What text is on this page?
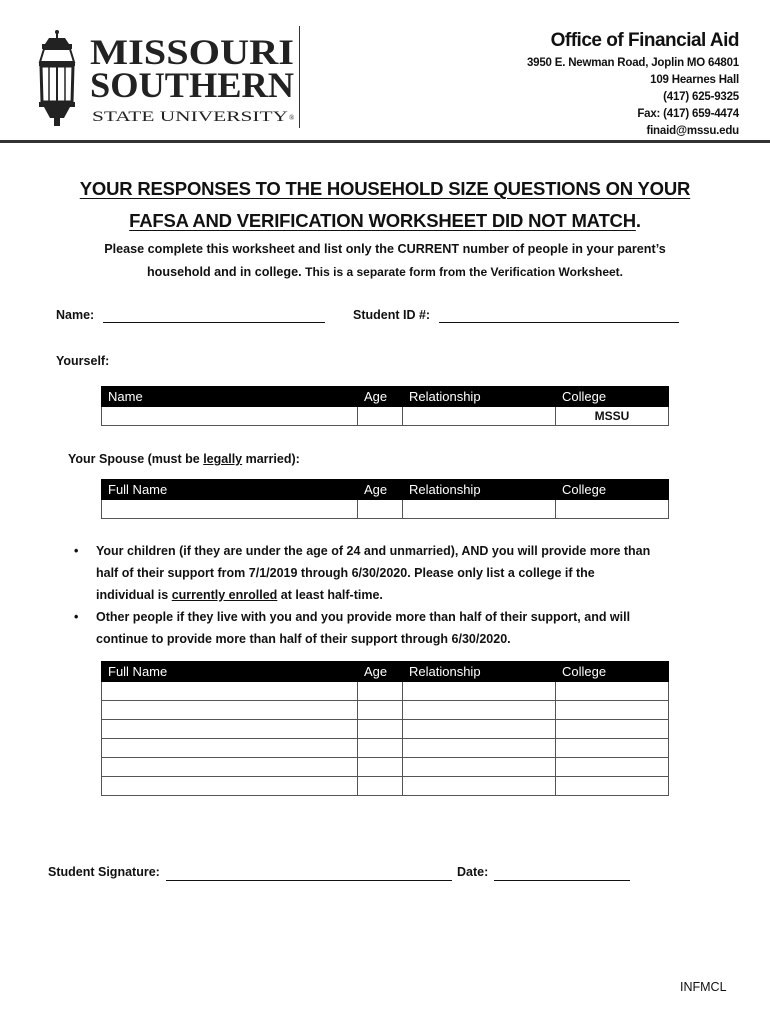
MISSOURI
SOUTHERN
STATE UNIVERSITY ®
Office of Financial Aid
3950 E. Newman Road, Joplin MO 64801
109 Hearnes Hall
(417) 625-9325
Fax: (417) 659-4474
finaid@mssu.edu
YOUR RESPONSES TO THE HOUSEHOLD SIZE QUESTIONS ON YOUR
FAFSA AND VERIFICATION WORKSHEET DID NOT MATCH.
Please complete this worksheet and list only the CURRENT number of people in your parent’s
household and in college. This is a separate form from the Verification Worksheet.
Name:	Student ID #:
Yourself:
Name	Age	Relationship	College
			MSSU
Your Spouse (must be legally married):
Full Name	Age	Relationship	College

• Your children (if they are under the age of 24 and unmarried), AND you will provide more than
half of their support from 7/1/2019 through 6/30/2020. Please only list a college if the
individual is currently enrolled at least half-time.
• Other people if they live with you and you provide more than half of their support, and will
continue to provide more than half of their support through 6/30/2020.
Full Name	Age	Relationship	College

Student Signature:	Date:
INFMCL
